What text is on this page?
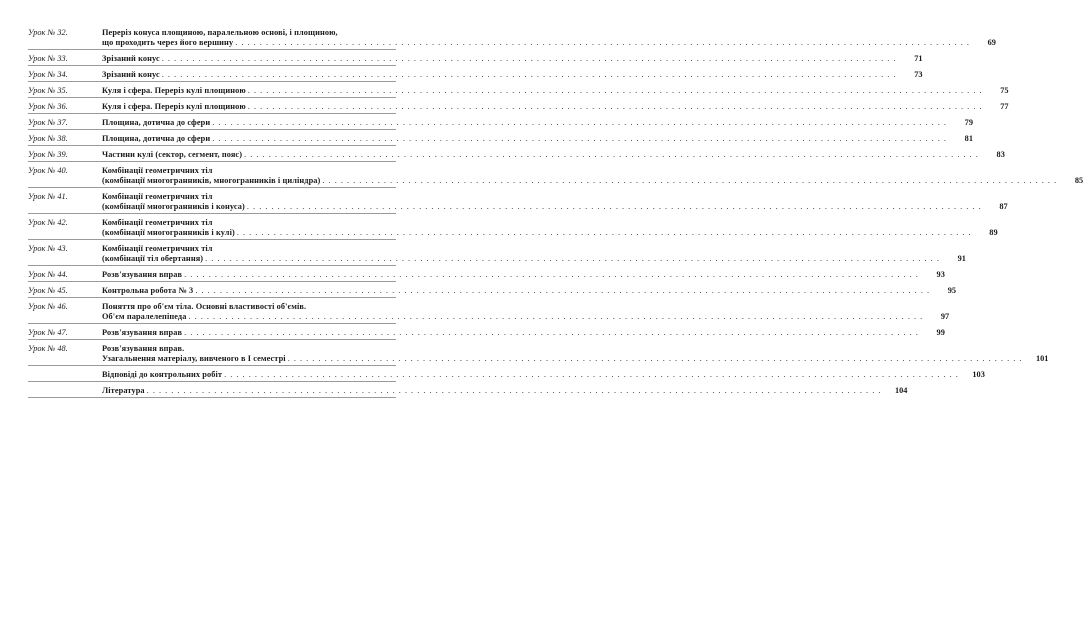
Урок № 32.	Переріз конуса площиною, паралельною основі, і площиною,
що проходить через його вершину . . . . . . . . . . . . . . . . . . . . . . . . . . . . . . . . . . . . . . . . . . . . . . . . . . . . . . . . . . . . . . . . . . . . . . . . . . . . . . . . . . . . . . . . . . . . . . . . . . . . . . . . . . . . . . . . . . . . . . . .	69
Урок № 33.	Зрізаний конус . . . . . . . . . . . . . . . . . . . . . . . . . . . . . . . . . . . . . . . . . . . . . . . . . . . . . . . . . . . . . . . . . . . . . . . . . . . . . . . . . . . . . . . . . . . . . . . . . . . . . . . . . . . . . . . . . . . . . . . .	71
Урок № 34.	Зрізаний конус . . . . . . . . . . . . . . . . . . . . . . . . . . . . . . . . . . . . . . . . . . . . . . . . . . . . . . . . . . . . . . . . . . . . . . . . . . . . . . . . . . . . . . . . . . . . . . . . . . . . . . . . . . . . . . . . . . . . . . . .	73
Урок № 35.	Куля і сфера. Переріз кулі площиною . . . . . . . . . . . . . . . . . . . . . . . . . . . . . . . . . . . . . . . . . . . . . . . . . . . . . . . . . . . . . . . . . . . . . . . . . . . . . . . . . . . . . . . . . . . . . . . . . . . . . . . . . . . . . . . . . . . . . . . .	75
Урок № 36.	Куля і сфера. Переріз кулі площиною . . . . . . . . . . . . . . . . . . . . . . . . . . . . . . . . . . . . . . . . . . . . . . . . . . . . . . . . . . . . . . . . . . . . . . . . . . . . . . . . . . . . . . . . . . . . . . . . . . . . . . . . . . . . . . . . . . . . . . . .	77
Урок № 37.	Площина, дотична до сфери . . . . . . . . . . . . . . . . . . . . . . . . . . . . . . . . . . . . . . . . . . . . . . . . . . . . . . . . . . . . . . . . . . . . . . . . . . . . . . . . . . . . . . . . . . . . . . . . . . . . . . . . . . . . . . . . . . . . . . . .	79
Урок № 38.	Площина, дотична до сфери . . . . . . . . . . . . . . . . . . . . . . . . . . . . . . . . . . . . . . . . . . . . . . . . . . . . . . . . . . . . . . . . . . . . . . . . . . . . . . . . . . . . . . . . . . . . . . . . . . . . . . . . . . . . . . . . . . . . . . . .	81
Урок № 39.	Частини кулі (сектор, сегмент, пояс) . . . . . . . . . . . . . . . . . . . . . . . . . . . . . . . . . . . . . . . . . . . . . . . . . . . . . . . . . . . . . . . . . . . . . . . . . . . . . . . . . . . . . . . . . . . . . . . . . . . . . . . . . . . . . . . . . . . . . . . .	83
Урок № 40.	Комбінації геометричних тіл
(комбінації многогранників, многогранників і циліндра) . . . . . . . . . . . . . . . . . . . . . . . . . . . . . . . . . . . . . . . . . . . . . . . . . . . . . . . . . . . . . . . . . . . . . . . . . . . . . . . . . . . . . . . . . . . . . . . . . . . . . . . . . . . . . . . . . . . . . . . .	85
Урок № 41.	Комбінації геометричних тіл
(комбінації многогранників і конуса) . . . . . . . . . . . . . . . . . . . . . . . . . . . . . . . . . . . . . . . . . . . . . . . . . . . . . . . . . . . . . . . . . . . . . . . . . . . . . . . . . . . . . . . . . . . . . . . . . . . . . . . . . . . . . . . . . . . . . . . .	87
Урок № 42.	Комбінації геометричних тіл
(комбінації многогранників і кулі) . . . . . . . . . . . . . . . . . . . . . . . . . . . . . . . . . . . . . . . . . . . . . . . . . . . . . . . . . . . . . . . . . . . . . . . . . . . . . . . . . . . . . . . . . . . . . . . . . . . . . . . . . . . . . . . . . . . . . . . .	89
Урок № 43.	Комбінації геометричних тіл
(комбінації тіл обертання) . . . . . . . . . . . . . . . . . . . . . . . . . . . . . . . . . . . . . . . . . . . . . . . . . . . . . . . . . . . . . . . . . . . . . . . . . . . . . . . . . . . . . . . . . . . . . . . . . . . . . . . . . . . . . . . . . . . . . . . .	91
Урок № 44.	Розв'язування вправ . . . . . . . . . . . . . . . . . . . . . . . . . . . . . . . . . . . . . . . . . . . . . . . . . . . . . . . . . . . . . . . . . . . . . . . . . . . . . . . . . . . . . . . . . . . . . . . . . . . . . . . . . . . . . . . . . . . . . . . .	93
Урок № 45.	Контрольна робота № 3 . . . . . . . . . . . . . . . . . . . . . . . . . . . . . . . . . . . . . . . . . . . . . . . . . . . . . . . . . . . . . . . . . . . . . . . . . . . . . . . . . . . . . . . . . . . . . . . . . . . . . . . . . . . . . . . . . . . . . . . .	95
Урок № 46.	Поняття про об'єм тіла. Основні властивості об'ємів.
Об'єм паралелепіпеда . . . . . . . . . . . . . . . . . . . . . . . . . . . . . . . . . . . . . . . . . . . . . . . . . . . . . . . . . . . . . . . . . . . . . . . . . . . . . . . . . . . . . . . . . . . . . . . . . . . . . . . . . . . . . . . . . . . . . . . .	97
Урок № 47.	Розв'язування вправ . . . . . . . . . . . . . . . . . . . . . . . . . . . . . . . . . . . . . . . . . . . . . . . . . . . . . . . . . . . . . . . . . . . . . . . . . . . . . . . . . . . . . . . . . . . . . . . . . . . . . . . . . . . . . . . . . . . . . . . .	99
Урок № 48.	Розв'язування вправ.
Узагальнення матеріалу, вивченого в I семестрі . . . . . . . . . . . . . . . . . . . . . . . . . . . . . . . . . . . . . . . . . . . . . . . . . . . . . . . . . . . . . . . . . . . . . . . . . . . . . . . . . . . . . . . . . . . . . . . . . . . . . . . . . . . . . . . . . . . . . . . .	101
Відповіді до контрольних робіт . . . . . . . . . . . . . . . . . . . . . . . . . . . . . . . . . . . . . . . . . . . . . . . . . . . . . . . . . . . . . . . . . . . . . . . . . . . . . . . . . . . . . . . . . . . . . . . . . . . . . . . . . . . . . . . . . . . . . . . .	103
Література . . . . . . . . . . . . . . . . . . . . . . . . . . . . . . . . . . . . . . . . . . . . . . . . . . . . . . . . . . . . . . . . . . . . . . . . . . . . . . . . . . . . . . . . . . . . . . . . . . . . . . . . . . . . . . . . . . . . . . . .	104
